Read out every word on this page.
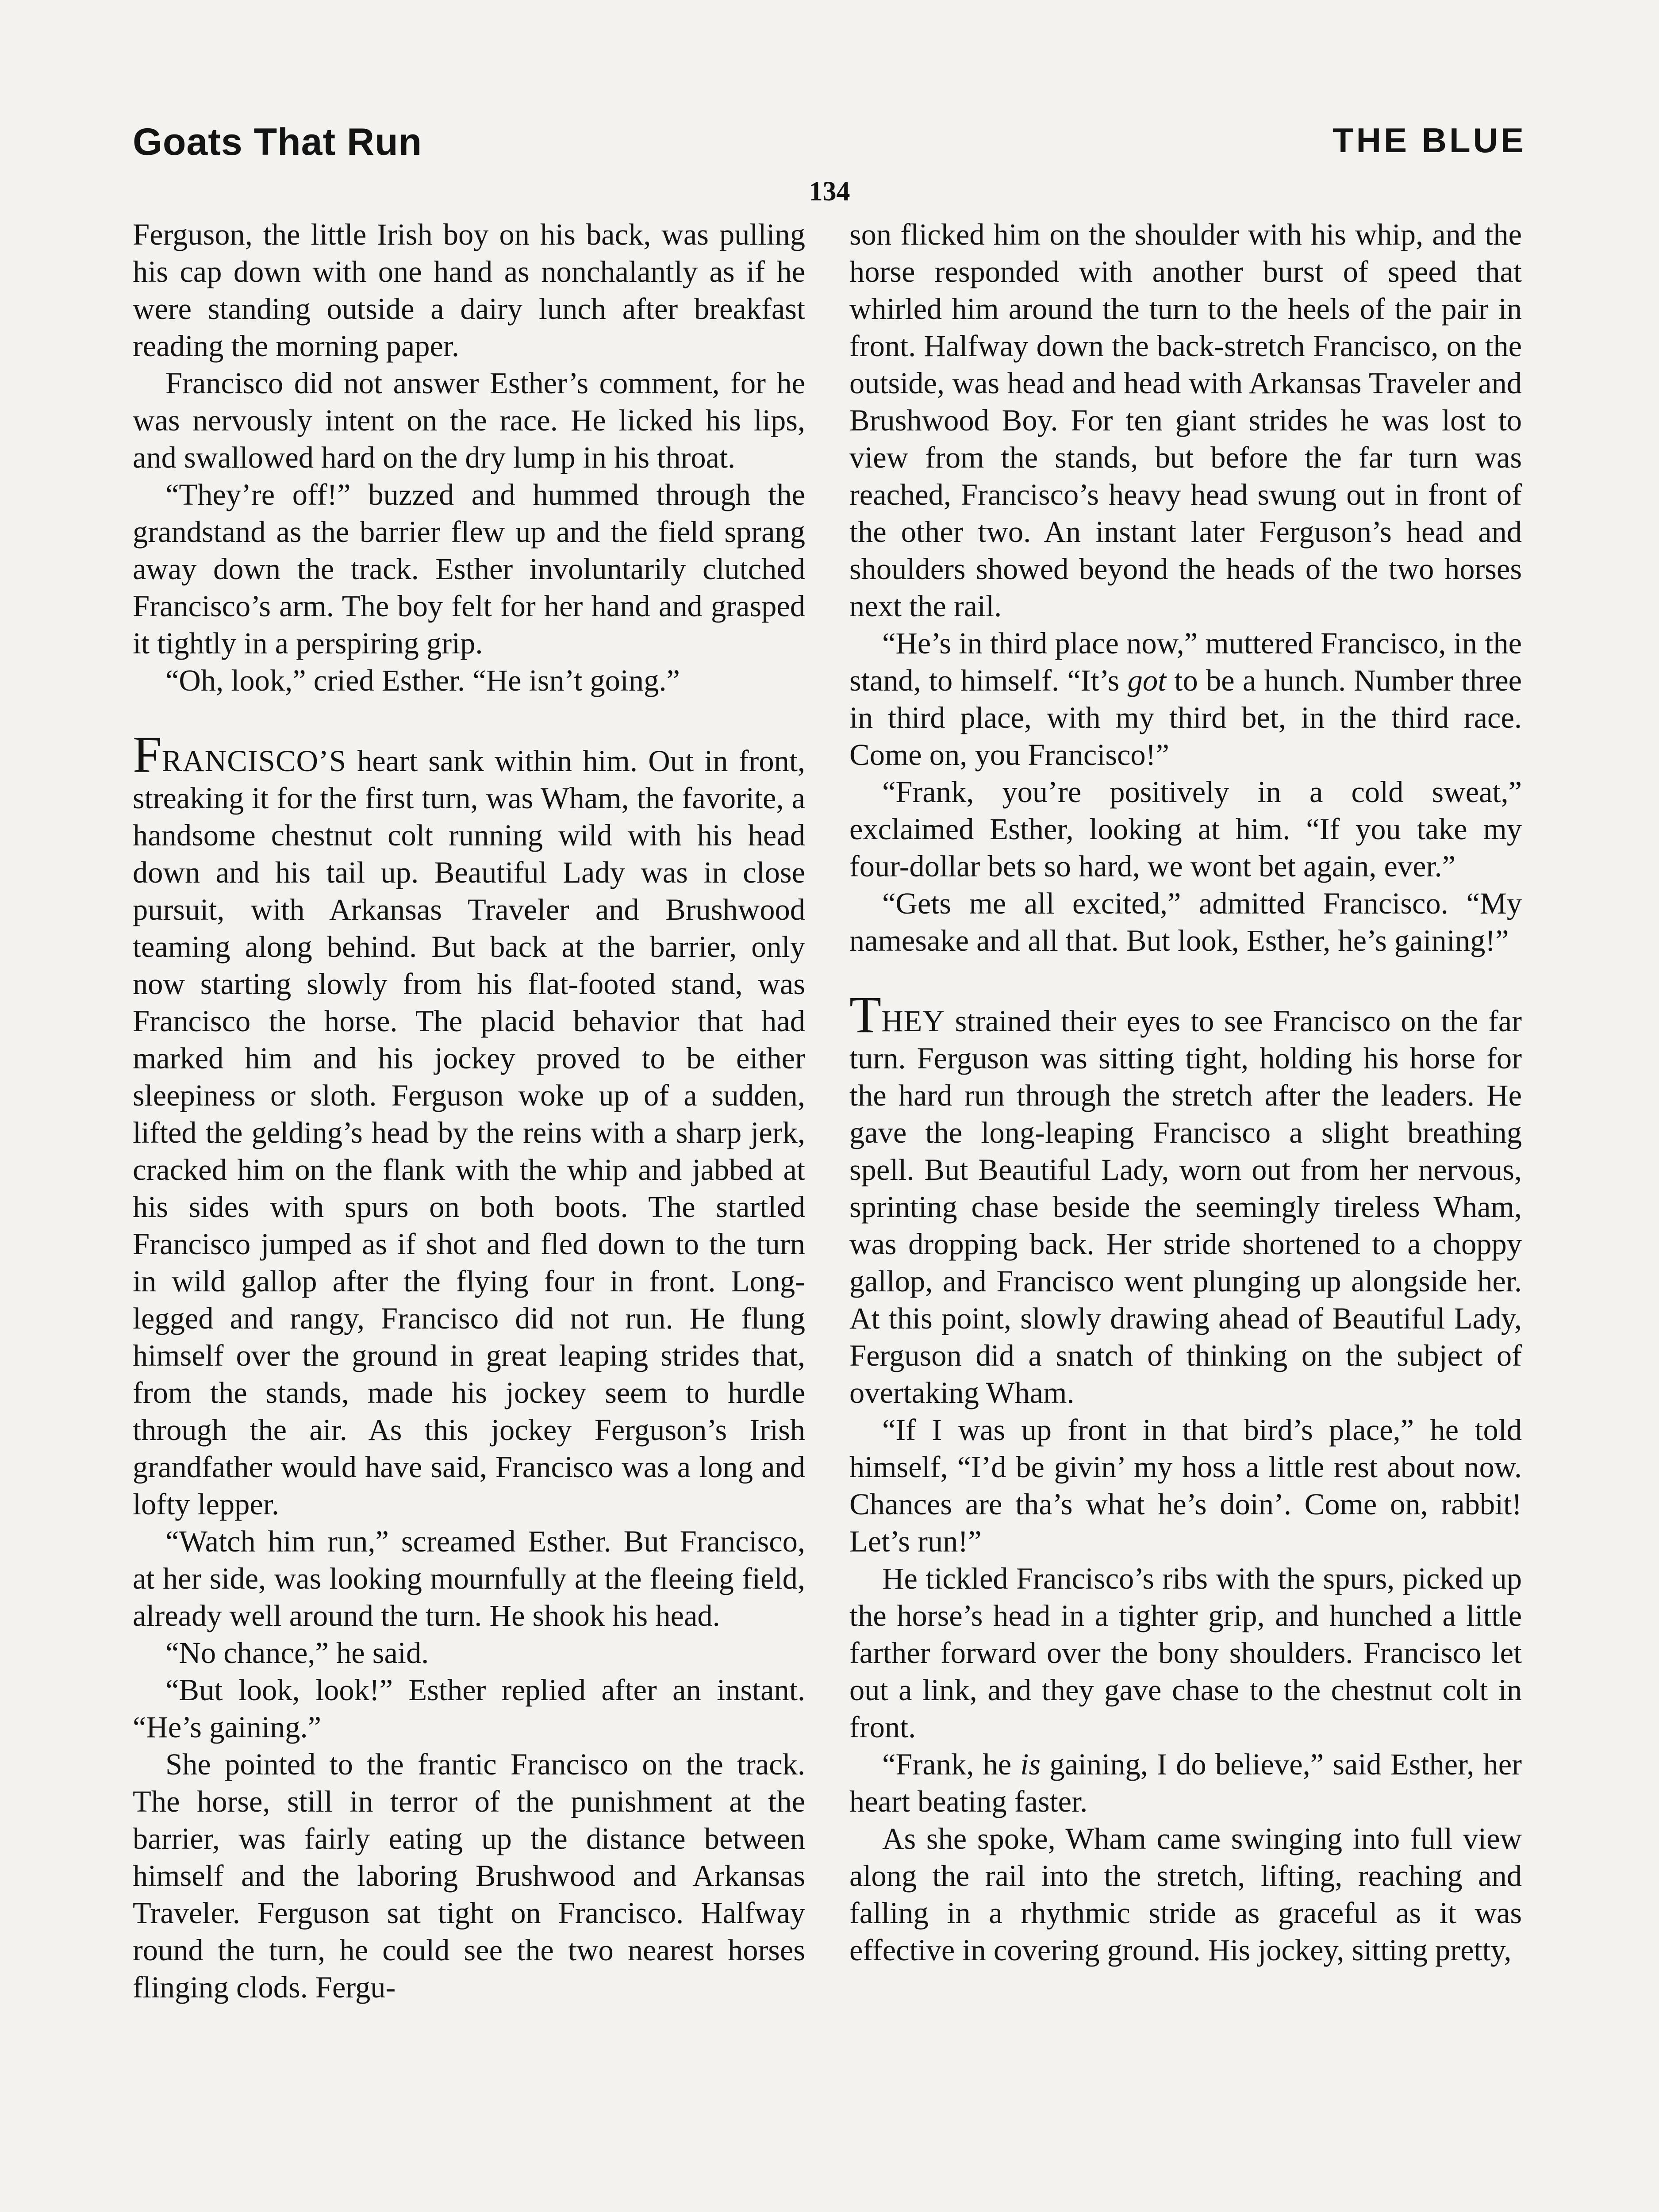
Goats That Run	THE BLUE
134

Ferguson, the little Irish boy on his back, was pulling his cap down with one hand as nonchalantly as if he were standing outside a dairy lunch after breakfast reading the morning paper.

Francisco did not answer Esther’s comment, for he was nervously intent on the race. He licked his lips, and swallowed hard on the dry lump in his throat.

“They’re off!” buzzed and hummed through the grandstand as the barrier flew up and the field sprang away down the track. Esther involuntarily clutched Francisco’s arm. The boy felt for her hand and grasped it tightly in a perspiring grip.

“Oh, look,” cried Esther. “He isn’t going.”

FRANCISCO’S heart sank within him. Out in front, streaking it for the first turn, was Wham, the favorite, a handsome chestnut colt running wild with his head down and his tail up. Beautiful Lady was in close pursuit, with Arkansas Traveler and Brushwood teaming along behind. But back at the barrier, only now starting slowly from his flat-footed stand, was Francisco the horse. The placid behavior that had marked him and his jockey proved to be either sleepiness or sloth. Ferguson woke up of a sudden, lifted the gelding’s head by the reins with a sharp jerk, cracked him on the flank with the whip and jabbed at his sides with spurs on both boots. The startled Francisco jumped as if shot and fled down to the turn in wild gallop after the flying four in front. Long-legged and rangy, Francisco did not run. He flung himself over the ground in great leaping strides that, from the stands, made his jockey seem to hurdle through the air. As this jockey Ferguson’s Irish grandfather would have said, Francisco was a long and lofty lepper.

“Watch him run,” screamed Esther. But Francisco, at her side, was looking mournfully at the fleeing field, already well around the turn. He shook his head.

“No chance,” he said.

“But look, look!” Esther replied after an instant. “He’s gaining.”

She pointed to the frantic Francisco on the track. The horse, still in terror of the punishment at the barrier, was fairly eating up the distance between himself and the laboring Brushwood and Arkansas Traveler. Ferguson sat tight on Francisco. Halfway round the turn, he could see the two nearest horses flinging clods. Fergu-

son flicked him on the shoulder with his whip, and the horse responded with another burst of speed that whirled him around the turn to the heels of the pair in front. Halfway down the back-stretch Francisco, on the outside, was head and head with Arkansas Traveler and Brushwood Boy. For ten giant strides he was lost to view from the stands, but before the far turn was reached, Francisco’s heavy head swung out in front of the other two. An instant later Ferguson’s head and shoulders showed beyond the heads of the two horses next the rail.

“He’s in third place now,” muttered Francisco, in the stand, to himself. “It’s got to be a hunch. Number three in third place, with my third bet, in the third race. Come on, you Francisco!”

“Frank, you’re positively in a cold sweat,” exclaimed Esther, looking at him. “If you take my four-dollar bets so hard, we wont bet again, ever.”

“Gets me all excited,” admitted Francisco. “My namesake and all that. But look, Esther, he’s gaining!”

THEY strained their eyes to see Francisco on the far turn. Ferguson was sitting tight, holding his horse for the hard run through the stretch after the leaders. He gave the long-leaping Francisco a slight breathing spell. But Beautiful Lady, worn out from her nervous, sprinting chase beside the seemingly tireless Wham, was dropping back. Her stride shortened to a choppy gallop, and Francisco went plunging up alongside her. At this point, slowly drawing ahead of Beautiful Lady, Ferguson did a snatch of thinking on the subject of overtaking Wham.

“If I was up front in that bird’s place,” he told himself, “I’d be givin’ my hoss a little rest about now. Chances are tha’s what he’s doin’. Come on, rabbit! Let’s run!”

He tickled Francisco’s ribs with the spurs, picked up the horse’s head in a tighter grip, and hunched a little farther forward over the bony shoulders. Francisco let out a link, and they gave chase to the chestnut colt in front.

“Frank, he is gaining, I do believe,” said Esther, her heart beating faster.

As she spoke, Wham came swinging into full view along the rail into the stretch, lifting, reaching and falling in a rhythmic stride as graceful as it was effective in covering ground. His jockey, sitting pretty,
